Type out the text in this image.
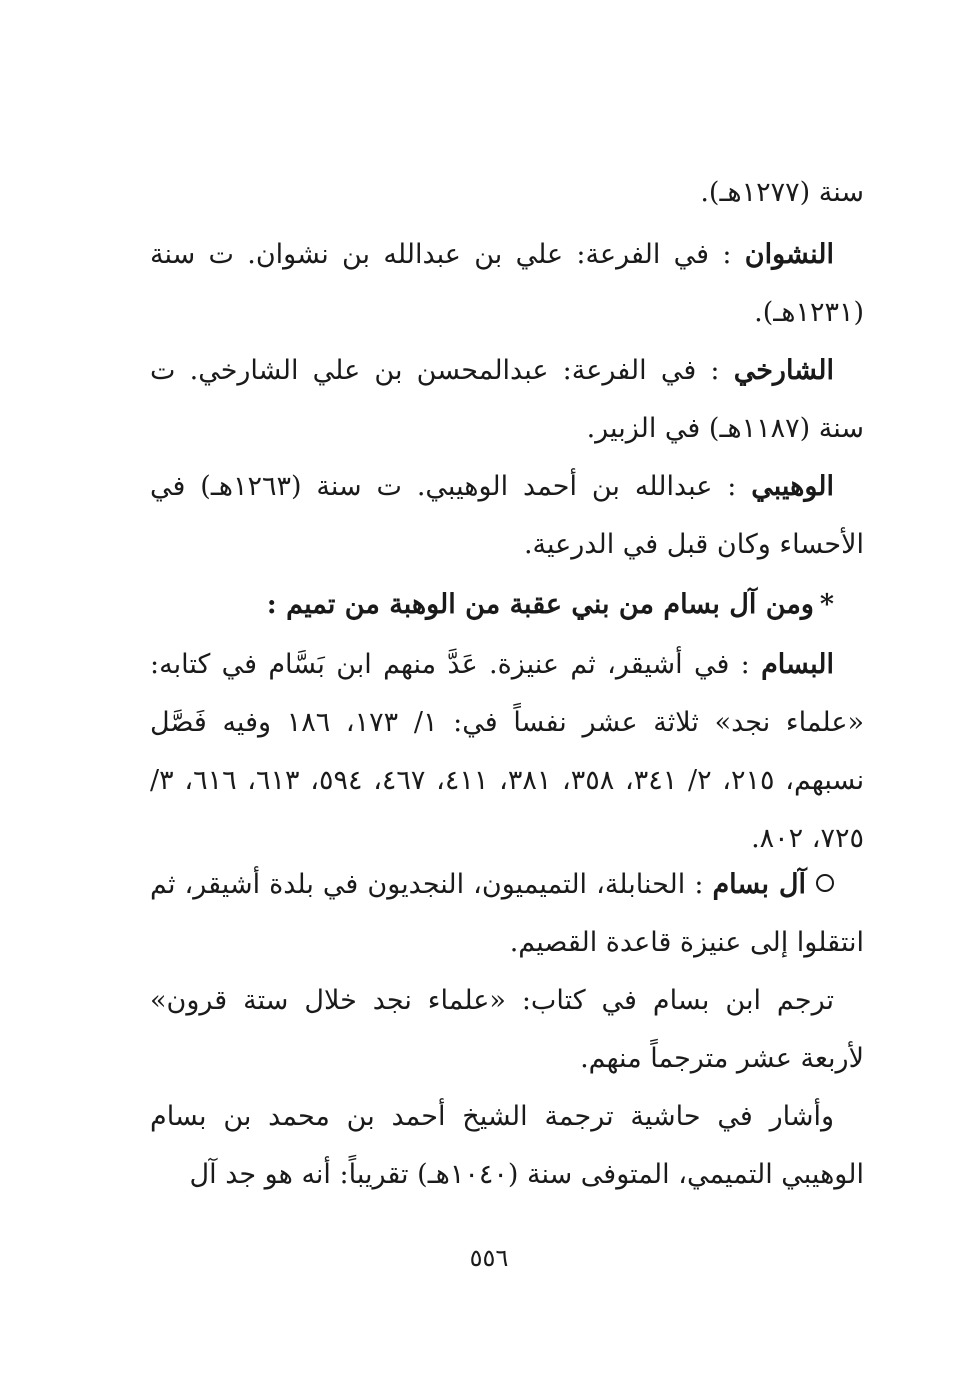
سنة (١٢٧٧هـ).

النشوان : في الفرعة: علي بن عبدالله بن نشوان. ت سنة (١٢٣١هـ).

الشارخي : في الفرعة: عبدالمحسن بن علي الشارخي. ت سنة (١١٨٧هـ) في الزبير.

الوهيبي : عبدالله بن أحمد الوهيبي. ت سنة (١٢٦٣هـ) في الأحساء وكان قبل في الدرعية.

*ومن آل بسام من بني عقبة من الوهبة من تميم :

البسام : في أشيقر، ثم عنيزة. عَدَّ منهم ابن بَسَّام في كتابه: «علماء نجد» ثلاثة عشر نفساً في: ١/ ١٧٣، ١٨٦ وفيه فَصَّل نسبهم، ٢١٥، ٢/ ٣٤١، ٣٥٨، ٣٨١، ٤١١، ٤٦٧، ٥٩٤، ٦١٣، ٦١٦، ٣/ ٧٢٥، ٨٠٢.

آل بسام : الحنابلة، التميميون، النجديون في بلدة أشيقر، ثم انتقلوا إلى عنيزة قاعدة القصيم.

ترجم ابن بسام في كتاب: «علماء نجد خلال ستة قرون» لأربعة عشر مترجماً منهم.

وأشار في حاشية ترجمة الشيخ أحمد بن محمد بن بسام الوهيبي التميمي، المتوفى سنة (١٠٤٠هـ) تقريباً: أنه هو جد آل

٥٥٦
